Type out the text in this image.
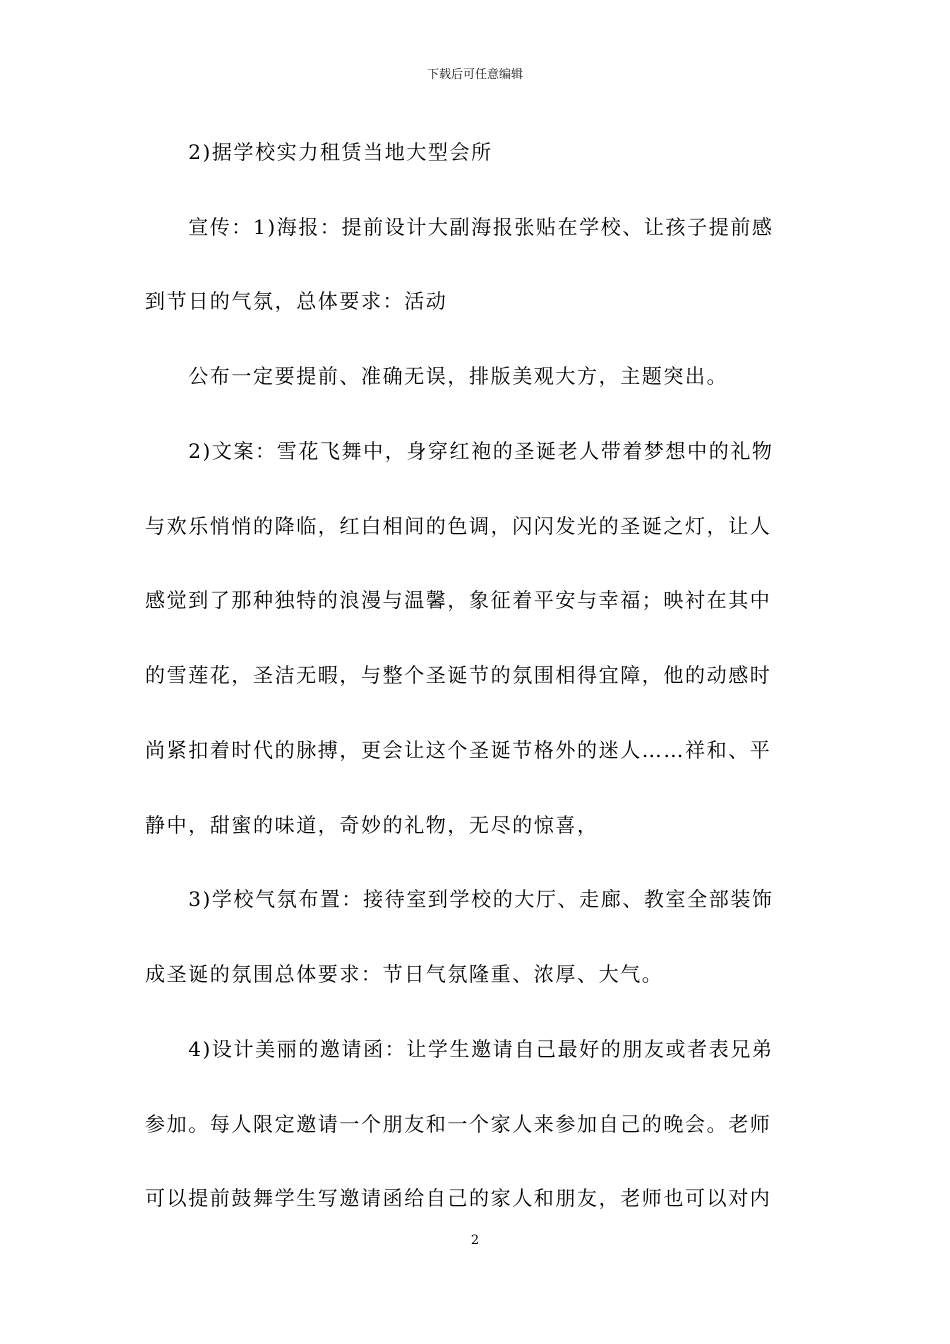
下载后可任意编辑
　　2)据学校实力租赁当地大型会所
　　宣传：1)海报：提前设计大副海报张贴在学校、让孩子提前感
到节日的气氛，总体要求：活动
　　公布一定要提前、准确无误，排版美观大方，主题突出。
　　2)文案：雪花飞舞中，身穿红袍的圣诞老人带着梦想中的礼物
与欢乐悄悄的降临，红白相间的色调，闪闪发光的圣诞之灯，让人
感觉到了那种独特的浪漫与温馨，象征着平安与幸福；映衬在其中
的雪莲花，圣洁无暇，与整个圣诞节的氛围相得宜障，他的动感时
尚紧扣着时代的脉搏，更会让这个圣诞节格外的迷人……祥和、平
静中，甜蜜的味道，奇妙的礼物，无尽的惊喜，
　　3)学校气氛布置：接待室到学校的大厅、走廊、教室全部装饰
成圣诞的氛围总体要求：节日气氛隆重、浓厚、大气。
　　4)设计美丽的邀请函：让学生邀请自己最好的朋友或者表兄弟
参加。每人限定邀请一个朋友和一个家人来参加自己的晚会。老师
可以提前鼓舞学生写邀请函给自己的家人和朋友，老师也可以对内
2
